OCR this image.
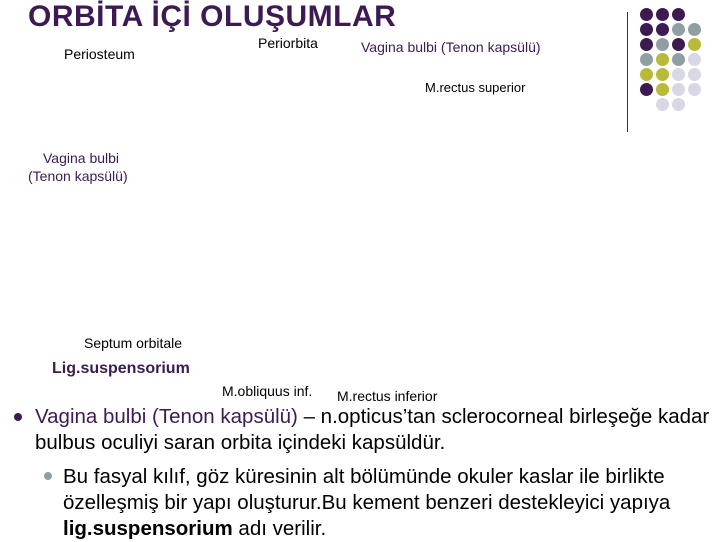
ORBİTA İÇİ OLUŞUMLAR
Periosteum
Periorbita	Vagina bulbi (Tenon kapsülü)
M.rectus superior
Vagina bulbi
(Tenon kapsülü)
Septum orbitale
Lig.suspensorium
M.obliquus inf. M.rectus inferior
Vagina bulbi (Tenon kapsülü) – n.opticus’tan sclerocorneal birleşeğe kadar bulbus oculiyi saran orbita içindeki kapsüldür.
Bu fasyal kılıf, göz küresinin alt bölümünde okuler kaslar ile birlikte özelleşmiş bir yapı oluşturur.Bu kement benzeri destekleyici yapıya lig.suspensorium adı verilir.
